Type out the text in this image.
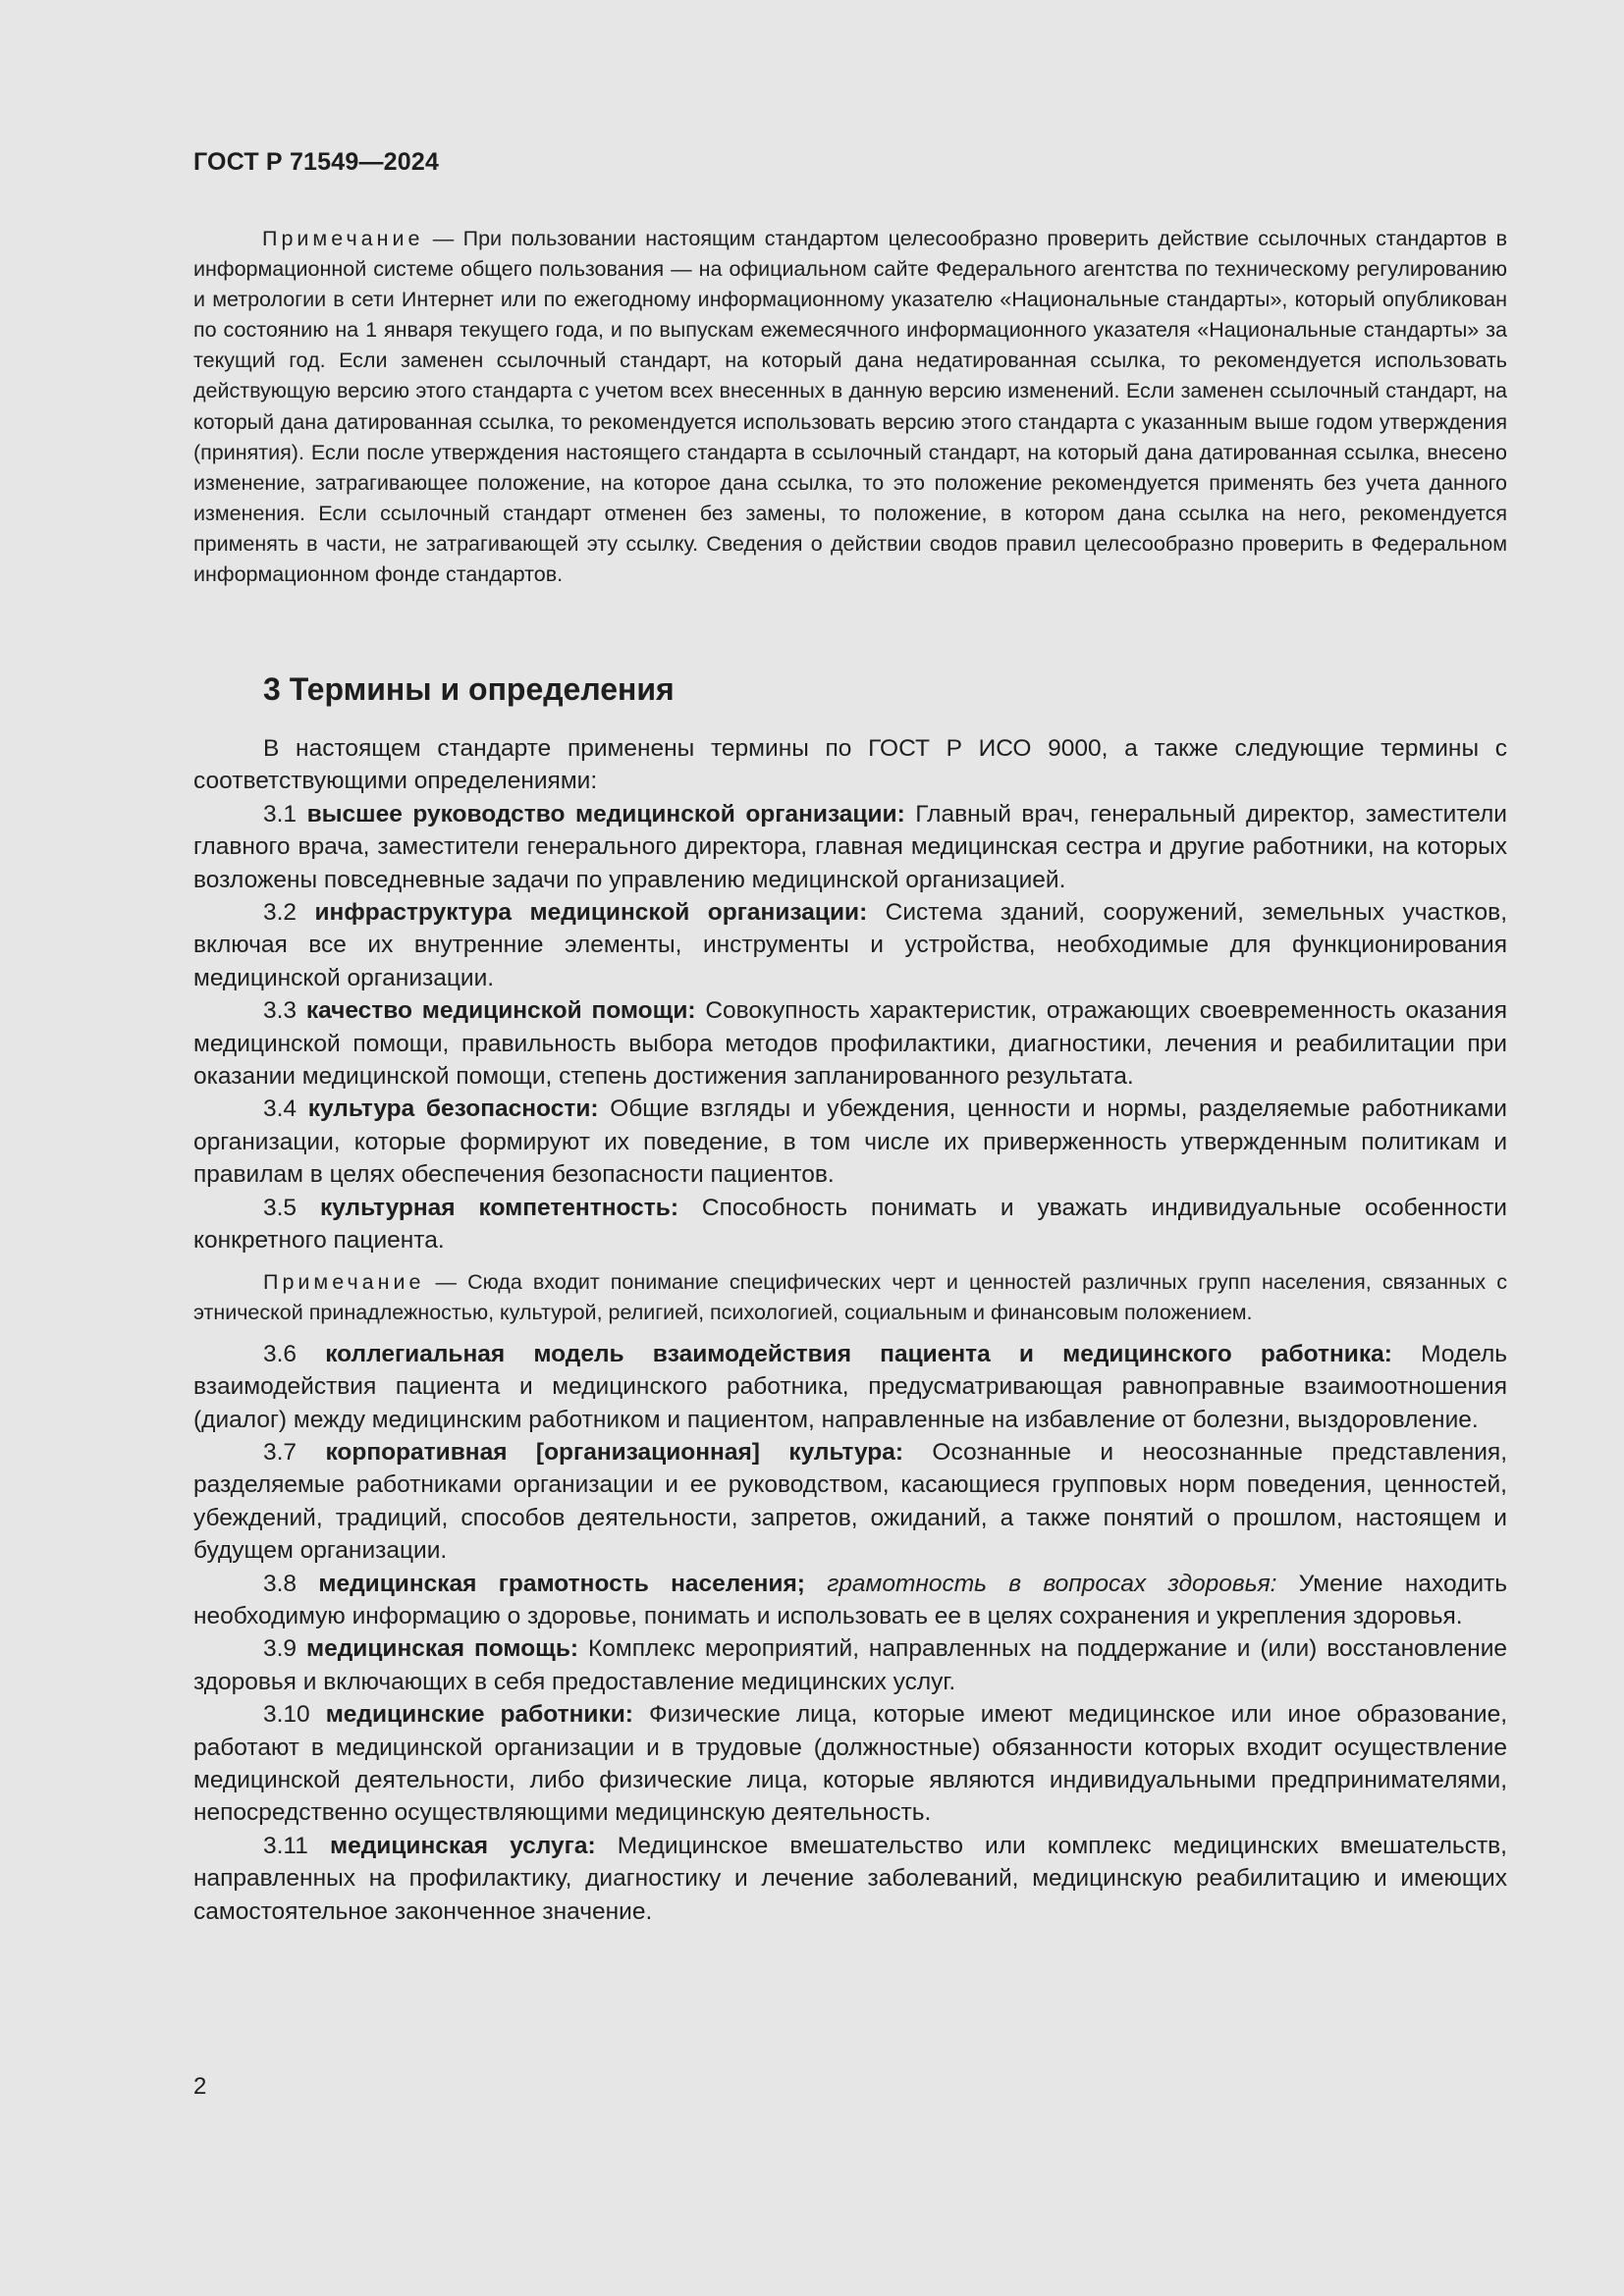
ГОСТ Р 71549—2024
Примечание — При пользовании настоящим стандартом целесообразно проверить действие ссылочных стандартов в информационной системе общего пользования — на официальном сайте Федерального агентства по техническому регулированию и метрологии в сети Интернет или по ежегодному информационному указателю «Национальные стандарты», который опубликован по состоянию на 1 января текущего года, и по выпускам ежемесячного информационного указателя «Национальные стандарты» за текущий год. Если заменен ссылочный стандарт, на который дана недатированная ссылка, то рекомендуется использовать действующую версию этого стандарта с учетом всех внесенных в данную версию изменений. Если заменен ссылочный стандарт, на который дана датированная ссылка, то рекомендуется использовать версию этого стандарта с указанным выше годом утверждения (принятия). Если после утверждения настоящего стандарта в ссылочный стандарт, на который дана датированная ссылка, внесено изменение, затрагивающее положение, на которое дана ссылка, то это положение рекомендуется применять без учета данного изменения. Если ссылочный стандарт отменен без замены, то положение, в котором дана ссылка на него, рекомендуется применять в части, не затрагивающей эту ссылку. Сведения о действии сводов правил целесообразно проверить в Федеральном информационном фонде стандартов.
3 Термины и определения

В настоящем стандарте применены термины по ГОСТ Р ИСО 9000, а также следующие термины с соответствующими определениями:

3.1 высшее руководство медицинской организации: Главный врач, генеральный директор, заместители главного врача, заместители генерального директора, главная медицинская сестра и другие работники, на которых возложены повседневные задачи по управлению медицинской организацией.

3.2 инфраструктура медицинской организации: Система зданий, сооружений, земельных участков, включая все их внутренние элементы, инструменты и устройства, необходимые для функционирования медицинской организации.

3.3 качество медицинской помощи: Совокупность характеристик, отражающих своевременность оказания медицинской помощи, правильность выбора методов профилактики, диагностики, лечения и реабилитации при оказании медицинской помощи, степень достижения запланированного результата.

3.4 культура безопасности: Общие взгляды и убеждения, ценности и нормы, разделяемые работниками организации, которые формируют их поведение, в том числе их приверженность утвержденным политикам и правилам в целях обеспечения безопасности пациентов.

3.5 культурная компетентность: Способность понимать и уважать индивидуальные особенности конкретного пациента.

Примечание — Сюда входит понимание специфических черт и ценностей различных групп населения, связанных с этнической принадлежностью, культурой, религией, психологией, социальным и финансовым положением.

3.6 коллегиальная модель взаимодействия пациента и медицинского работника: Модель взаимодействия пациента и медицинского работника, предусматривающая равноправные взаимоотношения (диалог) между медицинским работником и пациентом, направленные на избавление от болезни, выздоровление.

3.7 корпоративная [организационная] культура: Осознанные и неосознанные представления, разделяемые работниками организации и ее руководством, касающиеся групповых норм поведения, ценностей, убеждений, традиций, способов деятельности, запретов, ожиданий, а также понятий о прошлом, настоящем и будущем организации.

3.8 медицинская грамотность населения; грамотность в вопросах здоровья: Умение находить необходимую информацию о здоровье, понимать и использовать ее в целях сохранения и укрепления здоровья.

3.9 медицинская помощь: Комплекс мероприятий, направленных на поддержание и (или) восстановление здоровья и включающих в себя предоставление медицинских услуг.

3.10 медицинские работники: Физические лица, которые имеют медицинское или иное образование, работают в медицинской организации и в трудовые (должностные) обязанности которых входит осуществление медицинской деятельности, либо физические лица, которые являются индивидуальными предпринимателями, непосредственно осуществляющими медицинскую деятельность.

3.11 медицинская услуга: Медицинское вмешательство или комплекс медицинских вмешательств, направленных на профилактику, диагностику и лечение заболеваний, медицинскую реабилитацию и имеющих самостоятельное законченное значение.

2
